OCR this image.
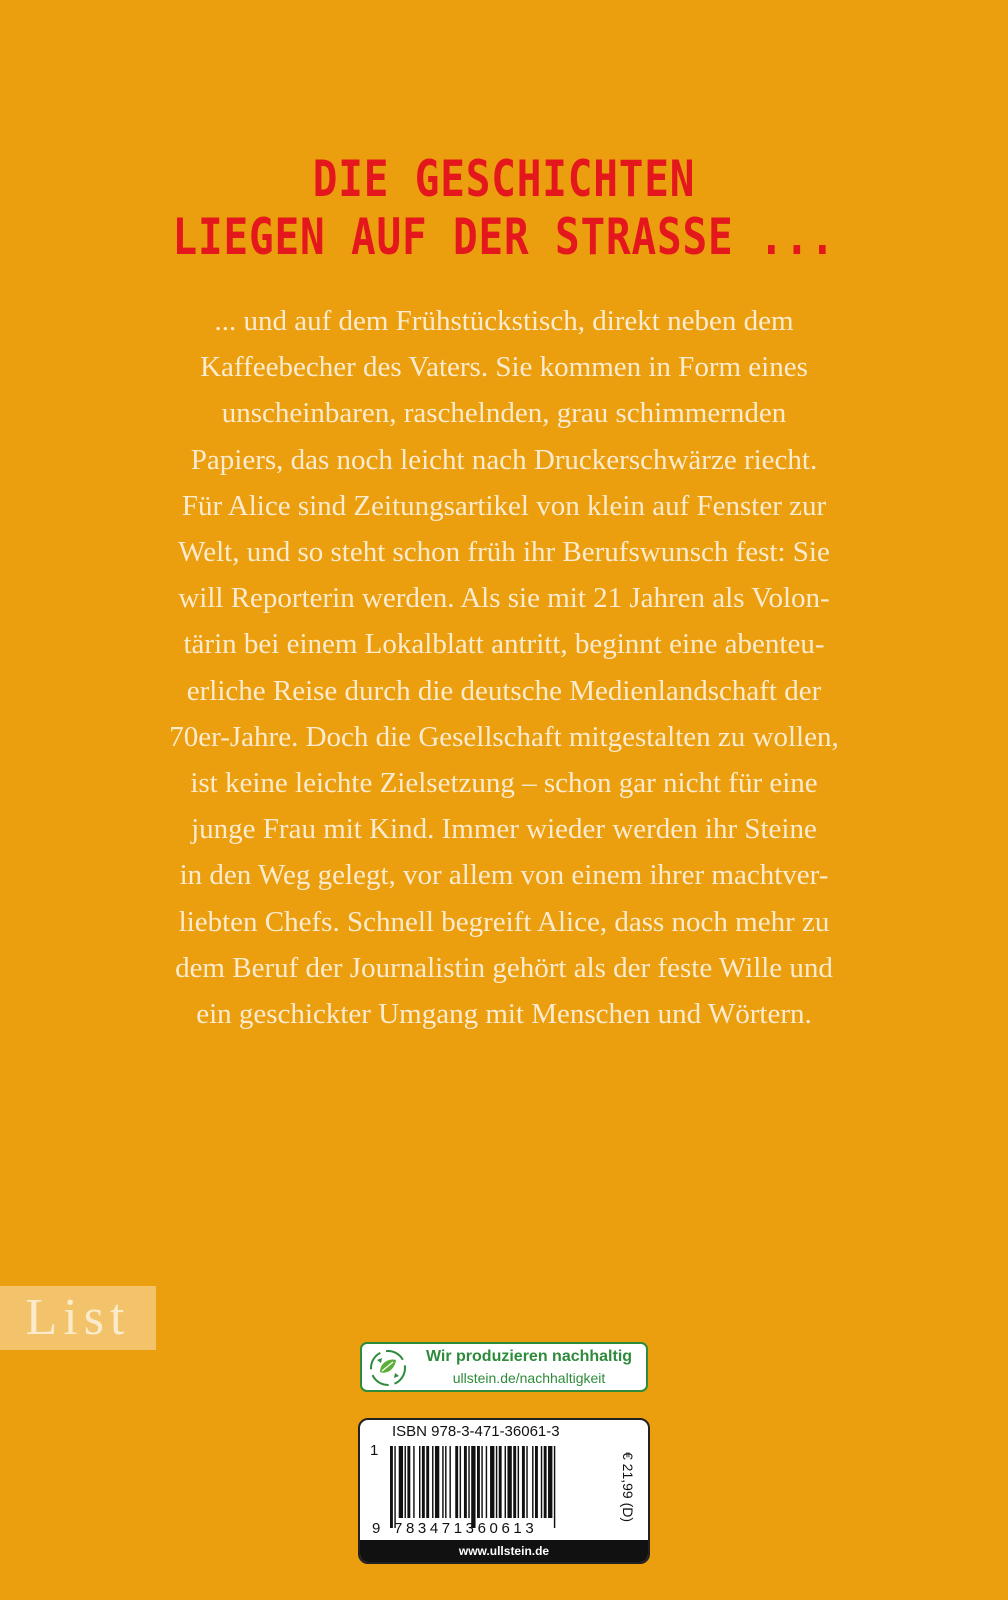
DIE GESCHICHTEN
LIEGEN AUF DER STRASSE ...
... und auf dem Frühstückstisch, direkt neben dem
Kaffeebecher des Vaters. Sie kommen in Form eines
unscheinbaren, raschelnden, grau schimmernden
Papiers, das noch leicht nach Druckerschwärze riecht.
Für Alice sind Zeitungsartikel von klein auf Fenster zur
Welt, und so steht schon früh ihr Berufswunsch fest: Sie
will Reporterin werden. Als sie mit 21 Jahren als Volon-
tärin bei einem Lokalblatt antritt, beginnt eine abenteu-
erliche Reise durch die deutsche Medienlandschaft der
70er-Jahre. Doch die Gesellschaft mitgestalten zu wollen,
ist keine leichte Zielsetzung – schon gar nicht für eine
junge Frau mit Kind. Immer wieder werden ihr Steine
in den Weg gelegt, vor allem von einem ihrer machtver-
liebten Chefs. Schnell begreift Alice, dass noch mehr zu
dem Beruf der Journalistin gehört als der feste Wille und
ein geschickter Umgang mit Menschen und Wörtern.
List
Wir produzieren nachhaltig
ullstein.de/nachhaltigkeit
ISBN 978-3-471-36061-3
1
9 783471360613
€ 21,99 (D)
www.ullstein.de
